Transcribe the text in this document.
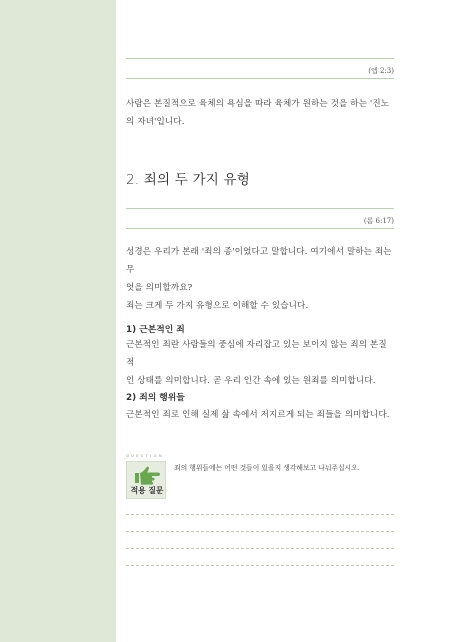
(엡 2:3)
사람은 본질적으로 육체의 욕심을 따라 육체가 원하는 것을 하는 '진노
의 자녀'입니다.
2. 죄의 두 가지 유형
(롬 6:17)
성경은 우리가 본래 '죄의 종'이었다고 말합니다. 여기에서 말하는 죄는 무
엇을 의미할까요?
죄는 크게 두 가지 유형으로 이해할 수 있습니다.
1) 근본적인 죄
근본적인 죄란 사람들의 중심에 자리잡고 있는 보이지 않는 죄의 본질적
인 상태를 의미합니다. 곧 우리 인간 속에 있는 원죄를 의미합니다.
2) 죄의 행위들
근본적인 죄로 인해 실제 삶 속에서 저지르게 되는 죄들을 의미합니다.
QUESTION
적용 질문
죄의 행위들에는 어떤 것들이 있을지 생각해보고 나눠주십시오.
